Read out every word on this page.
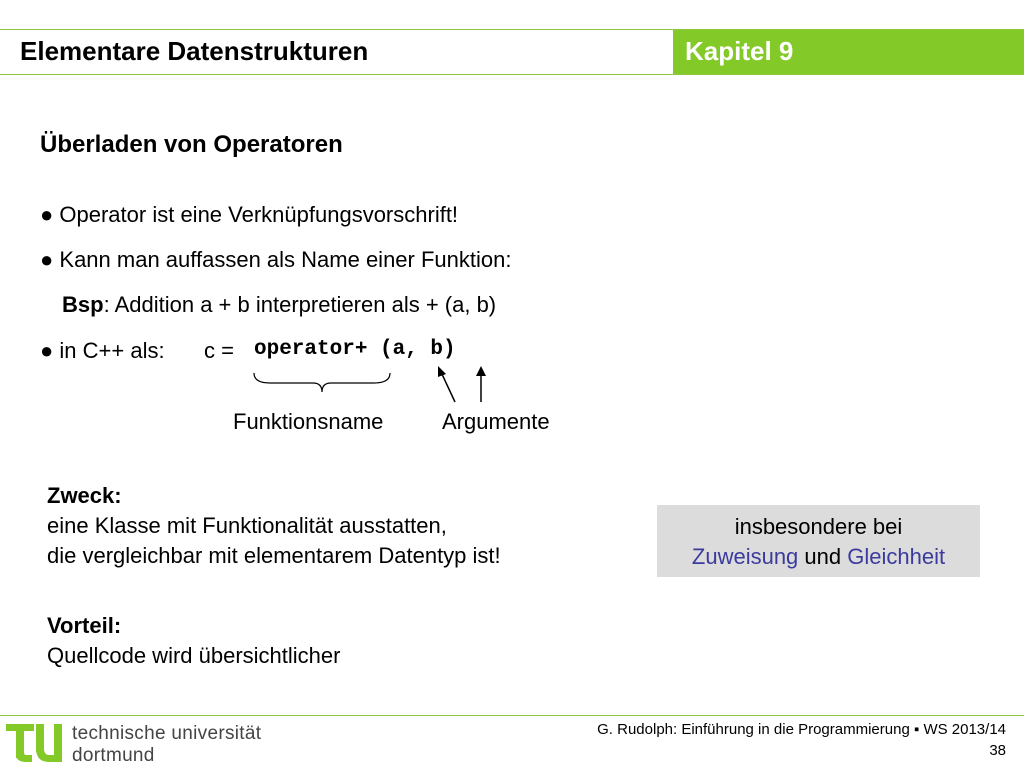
Elementare Datenstrukturen	Kapitel 9
Überladen von Operatoren
● Operator ist eine Verknüpfungsvorschrift!
● Kann man auffassen als Name einer Funktion:
Bsp: Addition a + b interpretieren als + (a, b)
● in C++ als: c = operator+ (a, b)
Funktionsname	Argumente
Zweck:
eine Klasse mit Funktionalität ausstatten,
die vergleichbar mit elementarem Datentyp ist!
insbesondere bei
Zuweisung und Gleichheit
Vorteil:
Quellcode wird übersichtlicher
technische universität
dortmund
G. Rudolph: Einführung in die Programmierung ▪ WS 2013/14
38
